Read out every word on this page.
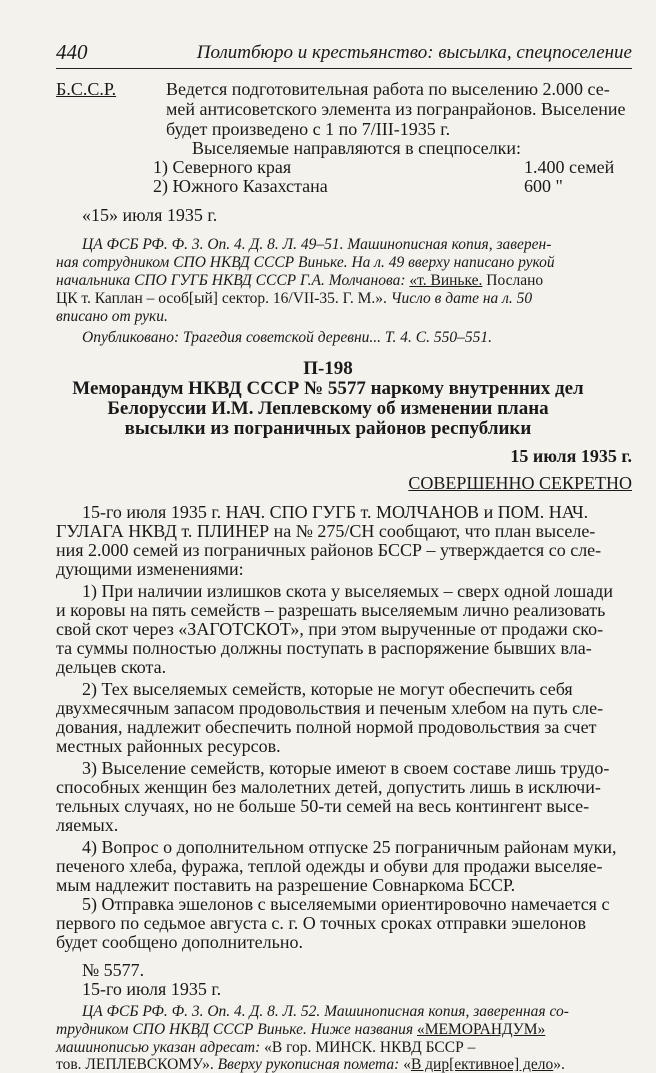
440	Политбюро и крестьянство: высылка, спецпоселение
Б.С.С.Р.	Ведется подготовительная работа по выселению 2.000 се-
мей антисоветского элемента из погранрайонов. Выселение
будет произведено с 1 по 7/III-1935 г.
Выселяемые направляются в спецпоселки:
1) Северного края	1.400 семей
2) Южного Казахстана	600 "
«15» июля 1935 г.
ЦА ФСБ РФ. Ф. 3. Оп. 4. Д. 8. Л. 49–51. Машинописная копия, заверен-
ная сотрудником СПО НКВД СССР Виньке. На л. 49 вверху написано рукой
начальника СПО ГУГБ НКВД СССР Г.А. Молчанова: «т. Виньке. Послано
ЦК т. Каплан – особ[ый] сектор. 16/VII-35. Г. М.». Число в дате на л. 50
вписано от руки.
Опубликовано: Трагедия советской деревни... Т. 4. С. 550–551.
П-198
Меморандум НКВД СССР № 5577 наркому внутренних дел
Белоруссии И.М. Леплевскому об изменении плана
высылки из пограничных районов республики
15 июля 1935 г.
СОВЕРШЕННО СЕКРЕТНО
15-го июля 1935 г. НАЧ. СПО ГУГБ т. МОЛЧАНОВ и ПОМ. НАЧ.
ГУЛАГА НКВД т. ПЛИНЕР на № 275/СН сообщают, что план выселе-
ния 2.000 семей из пограничных районов БССР – утверждается со сле-
дующими изменениями:
1) При наличии излишков скота у выселяемых – сверх одной лошади
и коровы на пять семейств – разрешать выселяемым лично реализовать
свой скот через «ЗАГОТСКОТ», при этом вырученные от продажи ско-
та суммы полностью должны поступать в распоряжение бывших вла-
дельцев скота.
2) Тех выселяемых семейств, которые не могут обеспечить себя
двухмесячным запасом продовольствия и печеным хлебом на путь сле-
дования, надлежит обеспечить полной нормой продовольствия за счет
местных районных ресурсов.
3) Выселение семейств, которые имеют в своем составе лишь трудо-
способных женщин без малолетних детей, допустить лишь в исключи-
тельных случаях, но не больше 50-ти семей на весь контингент высе-
ляемых.
4) Вопрос о дополнительном отпуске 25 пограничным районам муки,
печеного хлеба, фуража, теплой одежды и обуви для продажи выселяе-
мым надлежит поставить на разрешение Совнаркома БССР.
5) Отправка эшелонов с выселяемыми ориентировочно намечается с
первого по седьмое августа с. г. О точных сроках отправки эшелонов
будет сообщено дополнительно.
№ 5577.
15-го июля 1935 г.
ЦА ФСБ РФ. Ф. 3. Оп. 4. Д. 8. Л. 52. Машинописная копия, заверенная со-
трудником СПО НКВД СССР Виньке. Ниже названия «МЕМОРАНДУМ»
машинописью указан адресат: «В гор. МИНСК. НКВД БССР –
тов. ЛЕПЛЕВСКОМУ». Вверху рукописная помета: «В дир[ективное] дело».
